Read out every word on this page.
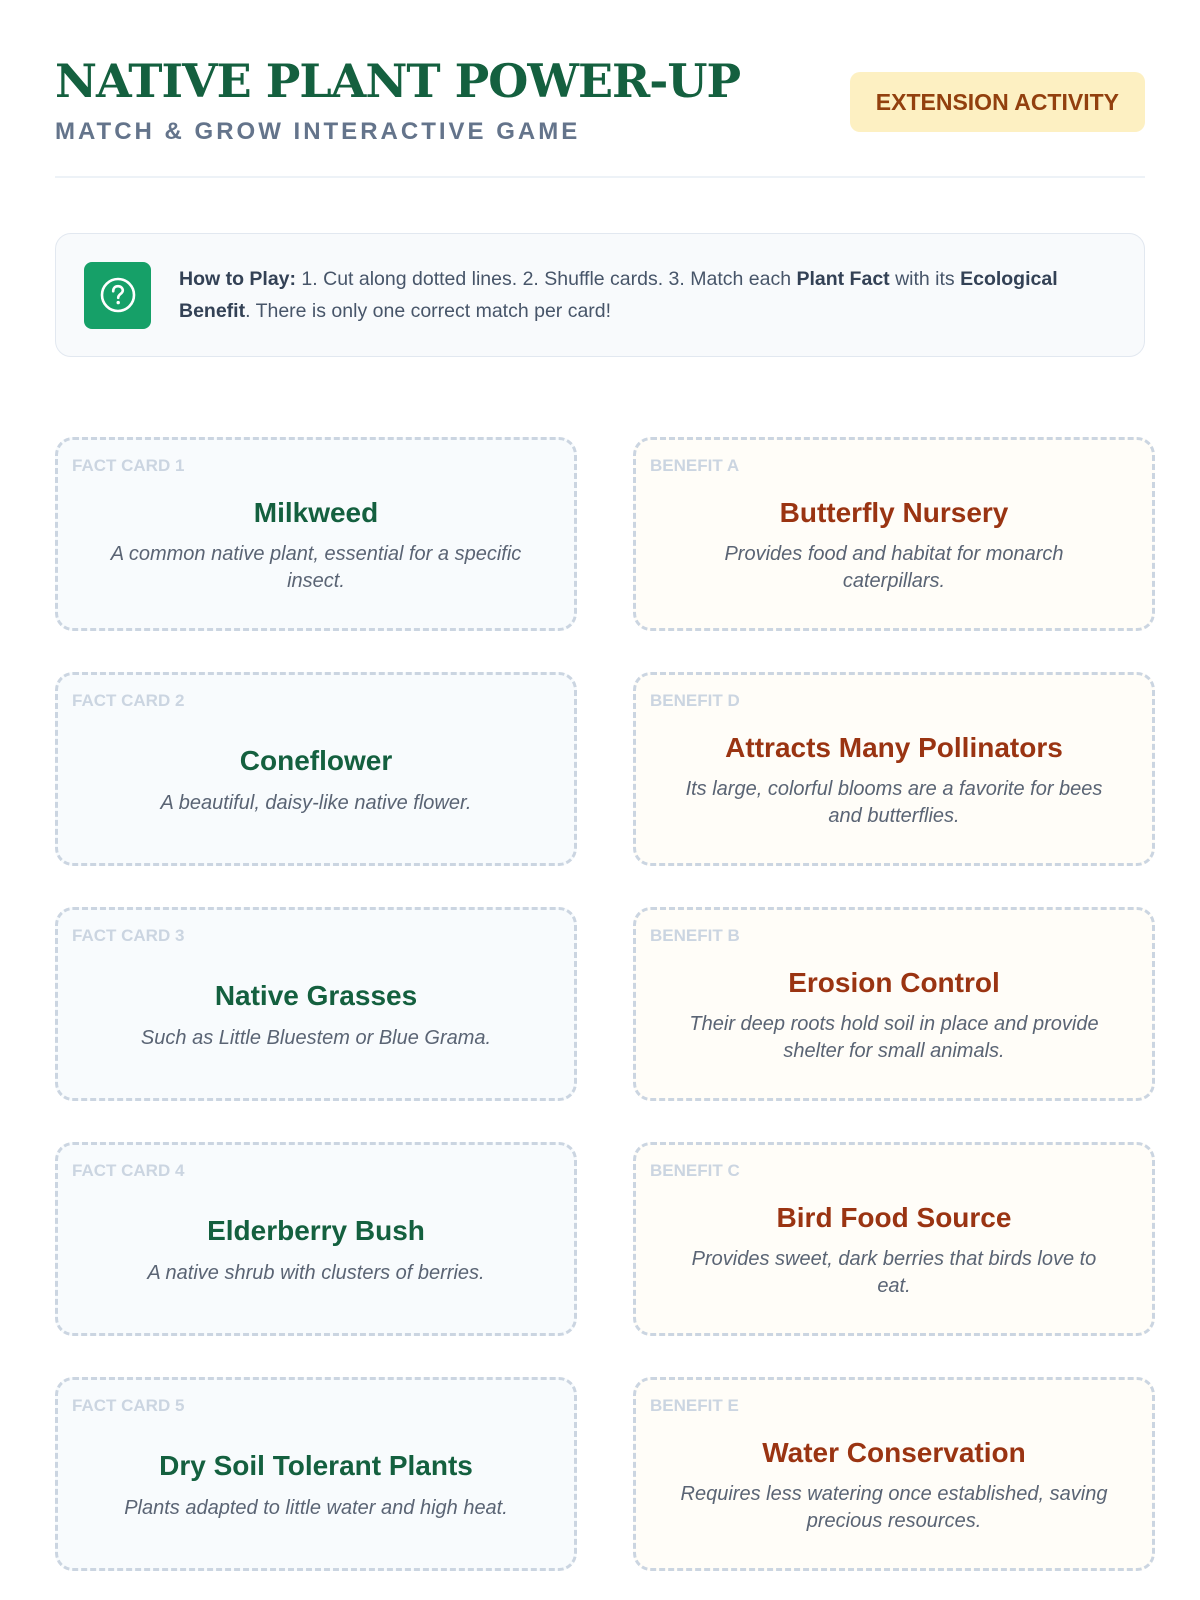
NATIVE PLANT POWER-UP
MATCH & GROW INTERACTIVE GAME
EXTENSION ACTIVITY

How to Play: 1. Cut along dotted lines. 2. Shuffle cards. 3. Match each Plant Fact with its Ecological Benefit. There is only one correct match per card!

FACT CARD 1
Milkweed
A common native plant, essential for a specific insect.
BENEFIT A
Butterfly Nursery
Provides food and habitat for monarch caterpillars.
FACT CARD 2
Coneflower
A beautiful, daisy-like native flower.
BENEFIT D
Attracts Many Pollinators
Its large, colorful blooms are a favorite for bees and butterflies.
FACT CARD 3
Native Grasses
Such as Little Bluestem or Blue Grama.
BENEFIT B
Erosion Control
Their deep roots hold soil in place and provide shelter for small animals.
FACT CARD 4
Elderberry Bush
A native shrub with clusters of berries.
BENEFIT C
Bird Food Source
Provides sweet, dark berries that birds love to eat.
FACT CARD 5
Dry Soil Tolerant Plants
Plants adapted to little water and high heat.
BENEFIT E
Water Conservation
Requires less watering once established, saving precious resources.
